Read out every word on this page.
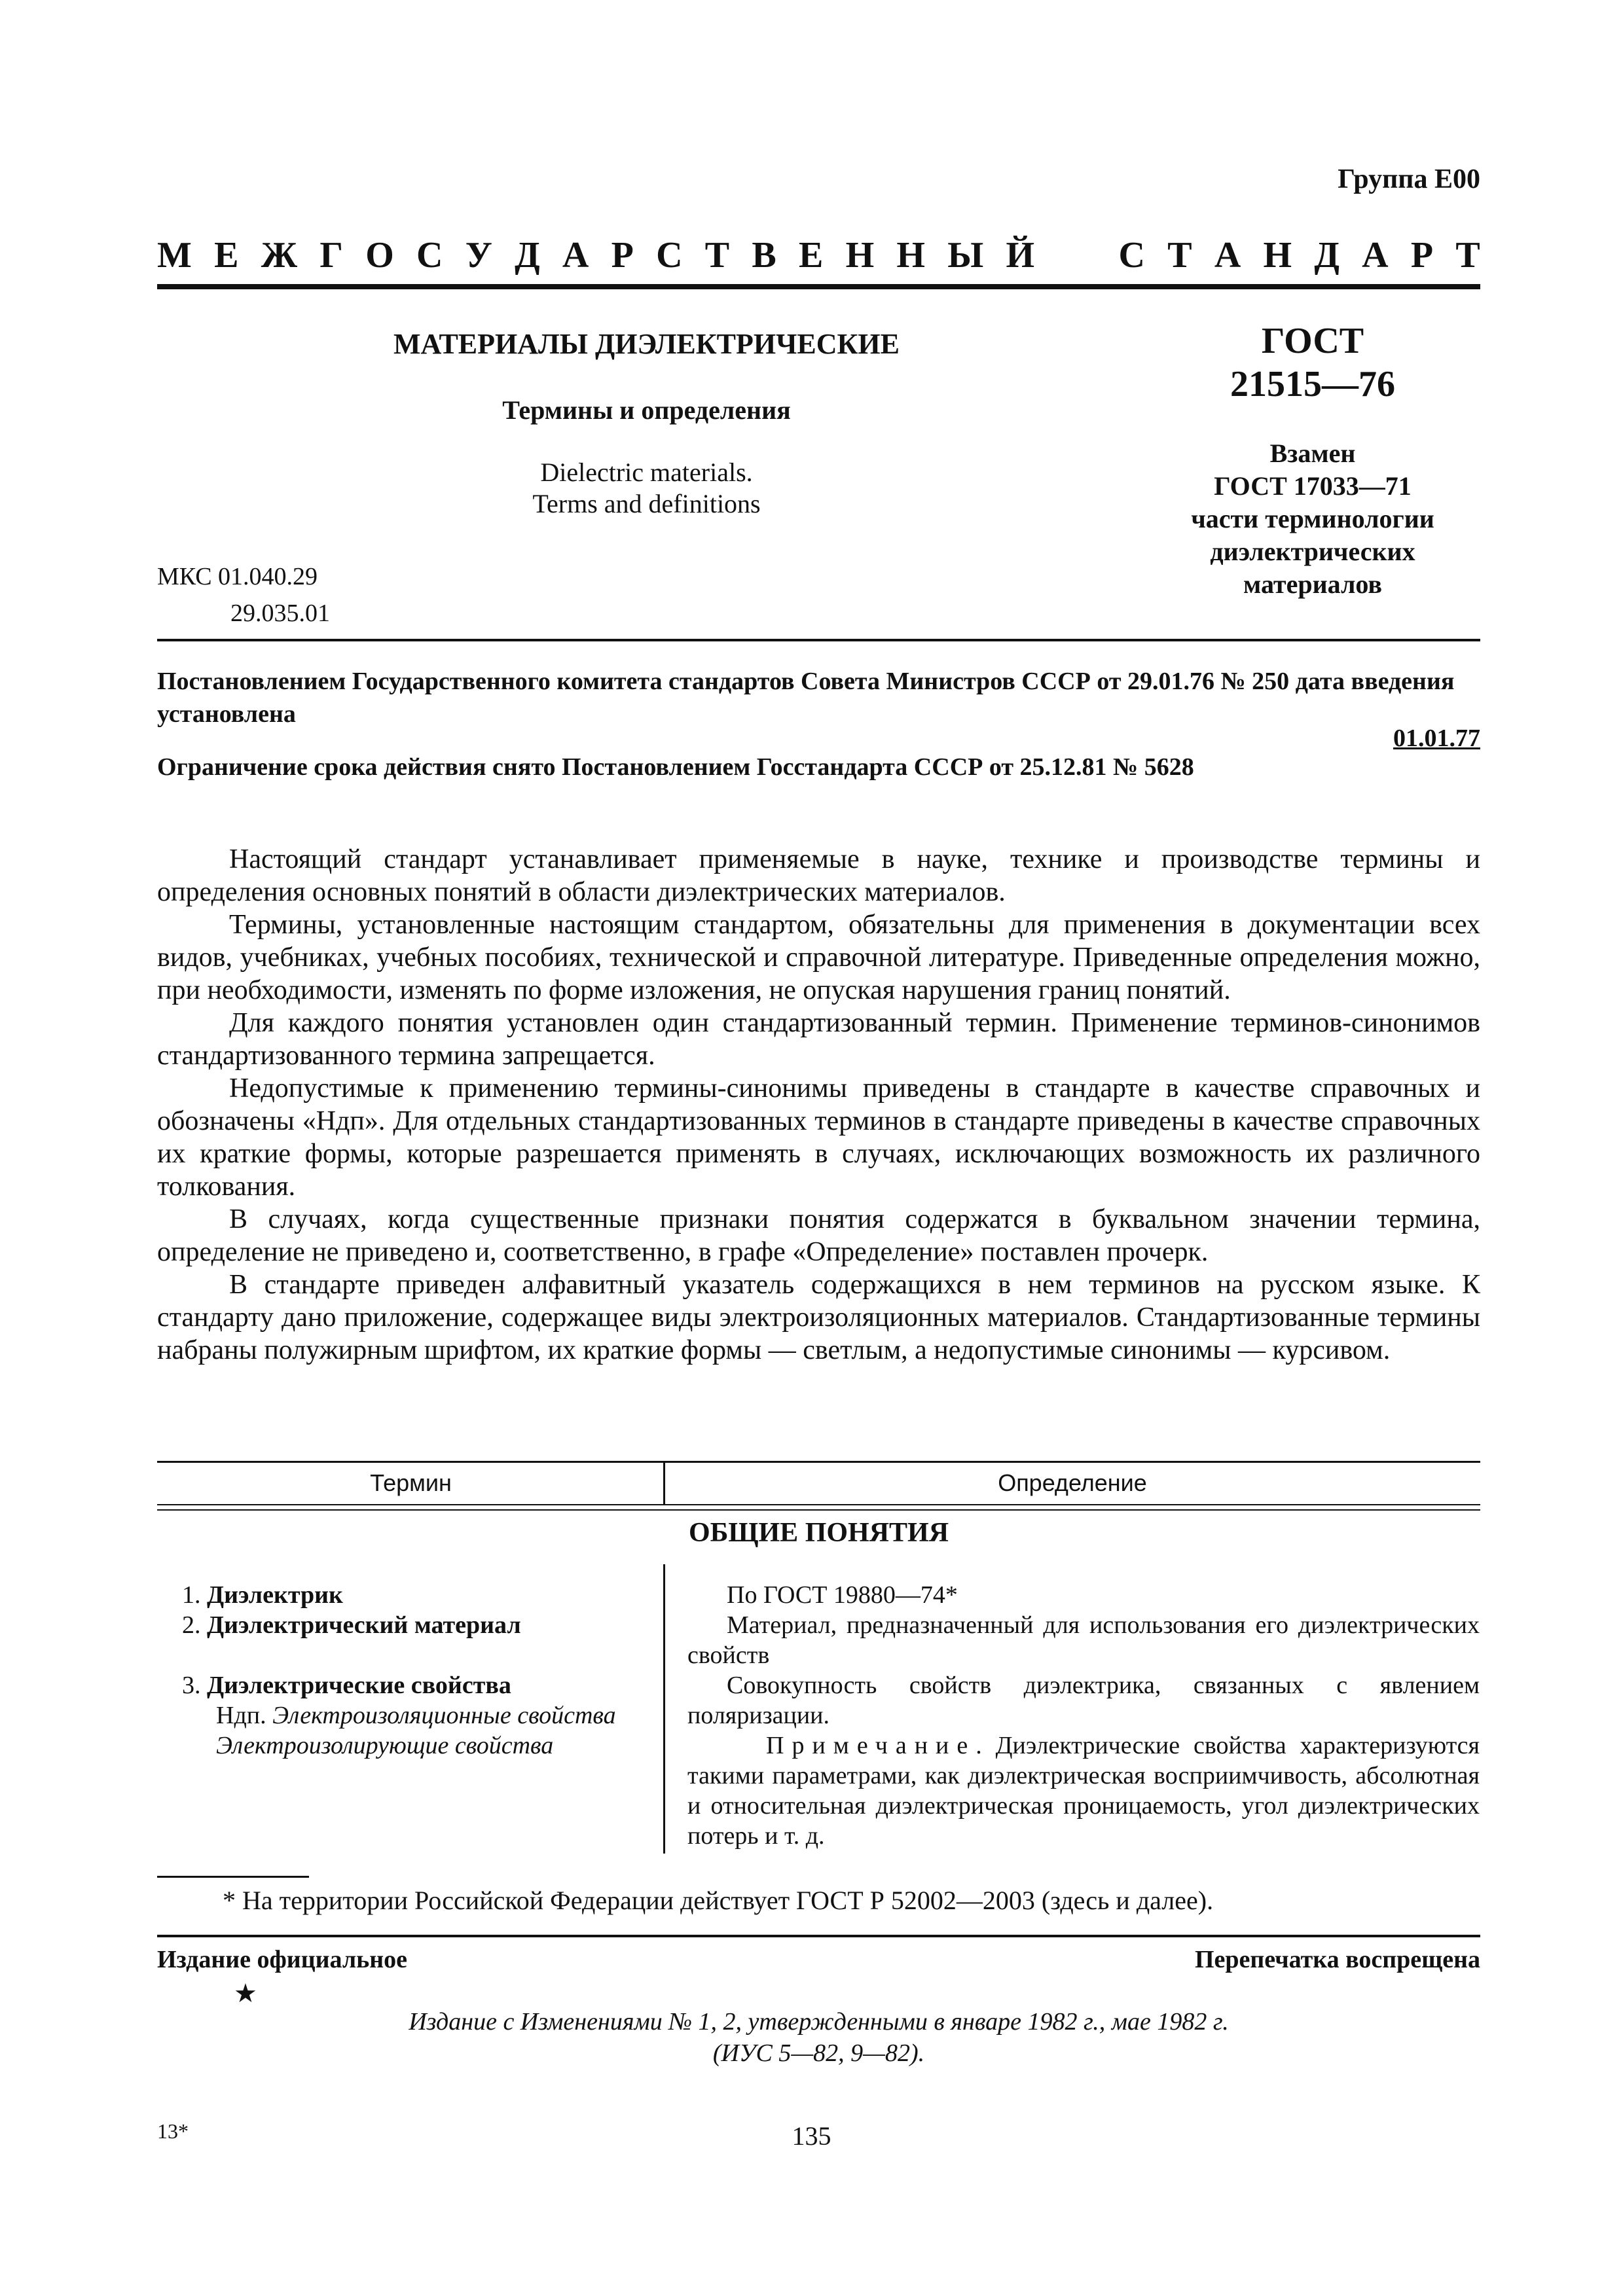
Группа Е00
М Е Ж Г О С У Д А Р С Т В Е Н Н Ы Й С Т А Н Д А Р Т
МАТЕРИАЛЫ ДИЭЛЕКТРИЧЕСКИЕ
Термины и определения
Dielectric materials.
Terms and definitions
МКС 01.040.29
29.035.01
ГОСТ
21515—76
Взамен
ГОСТ 17033—71
части терминологии
диэлектрических
материалов
Постановлением Государственного комитета стандартов Совета Министров СССР от 29.01.76 № 250 дата введения установлена
01.01.77
Ограничение срока действия снято Постановлением Госстандарта СССР от 25.12.81 № 5628

Настоящий стандарт устанавливает применяемые в науке, технике и производстве термины и определения основных понятий в области диэлектрических материалов.

Термины, установленные настоящим стандартом, обязательны для применения в документации всех видов, учебниках, учебных пособиях, технической и справочной литературе. Приведенные определения можно, при необходимости, изменять по форме изложения, не опуская нарушения границ понятий.

Для каждого понятия установлен один стандартизованный термин. Применение терминов-синонимов стандартизованного термина запрещается.

Недопустимые к применению термины-синонимы приведены в стандарте в качестве справочных и обозначены «Ндп». Для отдельных стандартизованных терминов в стандарте приведены в качестве справочных их краткие формы, которые разрешается применять в случаях, исключающих возможность их различного толкования.

В случаях, когда существенные признаки понятия содержатся в буквальном значении термина, определение не приведено и, соответственно, в графе «Определение» поставлен прочерк.

В стандарте приведен алфавитный указатель содержащихся в нем терминов на русском языке. К стандарту дано приложение, содержащее виды электроизоляционных материалов. Стандартизованные термины набраны полужирным шрифтом, их краткие формы — светлым, а недопустимые синонимы — курсивом.

Термин	Определение
ОБЩИЕ ПОНЯТИЯ
1. Диэлектрик
2. Диэлектрический материал
3. Диэлектрические свойства
Ндп. Электроизоляционные свойства
Электроизолирующие свойства

По ГОСТ 19880—74*

Материал, предназначенный для использования его диэлектрических свойств

Совокупность свойств диэлектрика, связанных с явлением поляризации.

Примечание. Диэлектрические свойства характеризуются такими параметрами, как диэлектрическая восприимчивость, абсолютная и относительная диэлектрическая проницаемость, угол диэлектрических потерь и т. д.

* На территории Российской Федерации действует ГОСТ Р 52002—2003 (здесь и далее).
Издание официальное
★
Перепечатка воспрещена
Издание с Изменениями № 1, 2, утвержденными в январе 1982 г., мае 1982 г.
(ИУС 5—82, 9—82).
13*	135
